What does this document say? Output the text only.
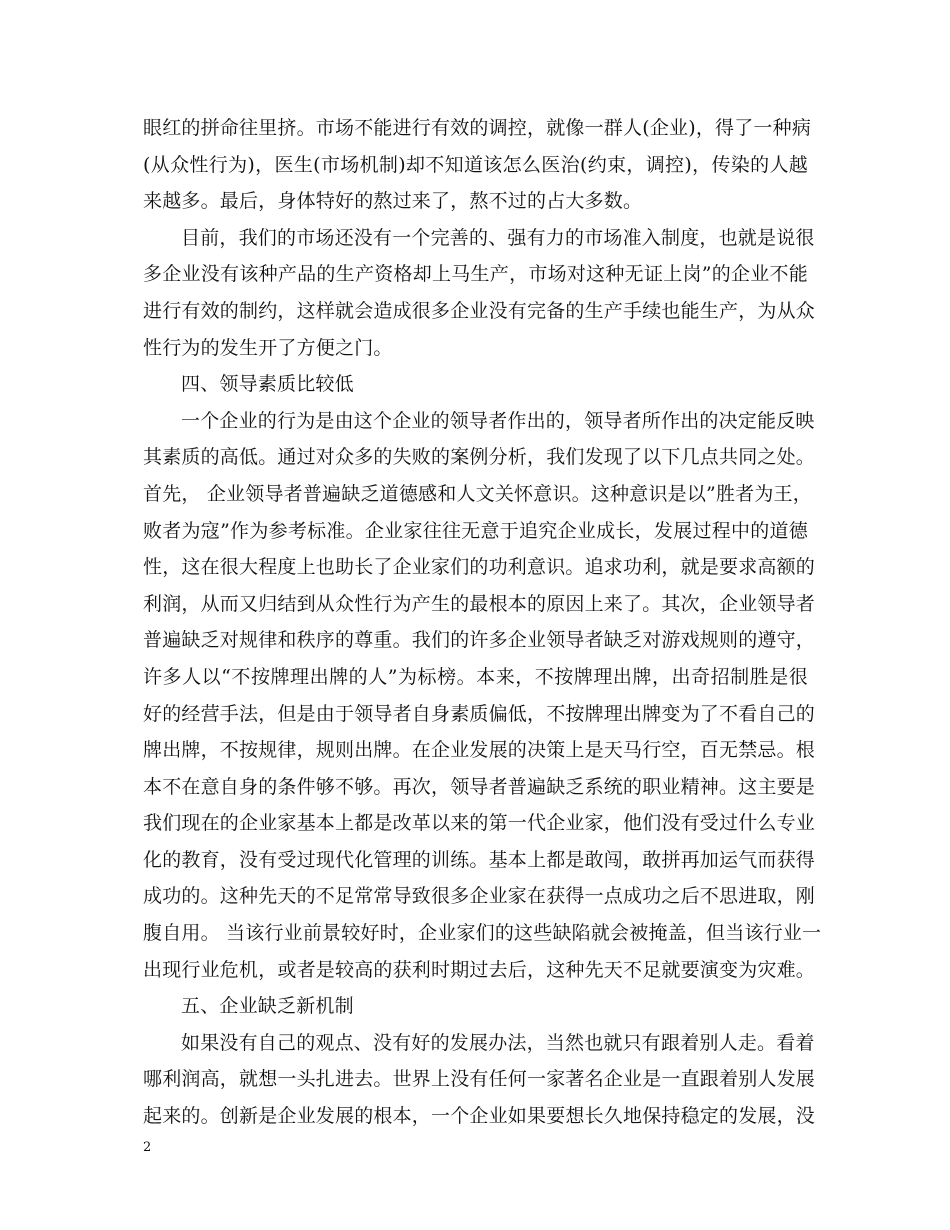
眼红的拼命往里挤。市场不能进行有效的调控，就像一群人(企业)，得了一种病
(从众性行为)，医生(市场机制)却不知道该怎么医治(约束，调控)，传染的人越
来越多。最后，身体特好的熬过来了，熬不过的占大多数。
目前，我们的市场还没有一个完善的、强有力的市场准入制度，也就是说很
多企业没有该种产品的生产资格却上马生产，市场对这种无证上岗”的企业不能
进行有效的制约，这样就会造成很多企业没有完备的生产手续也能生产，为从众
性行为的发生开了方便之门。
四、领导素质比较低
一个企业的行为是由这个企业的领导者作出的，领导者所作出的决定能反映
其素质的高低。通过对众多的失败的案例分析，我们发现了以下几点共同之处。
首先， 企业领导者普遍缺乏道德感和人文关怀意识。这种意识是以”胜者为王，
败者为寇”作为参考标准。企业家往往无意于追究企业成长，发展过程中的道德
性，这在很大程度上也助长了企业家们的功利意识。追求功利，就是要求高额的
利润，从而又归结到从众性行为产生的最根本的原因上来了。其次，企业领导者
普遍缺乏对规律和秩序的尊重。我们的许多企业领导者缺乏对游戏规则的遵守，
许多人以“不按牌理出牌的人”为标榜。本来，不按牌理出牌，出奇招制胜是很
好的经营手法，但是由于领导者自身素质偏低，不按牌理出牌变为了不看自己的
牌出牌，不按规律，规则出牌。在企业发展的决策上是天马行空，百无禁忌。根
本不在意自身的条件够不够。再次，领导者普遍缺乏系统的职业精神。这主要是
我们现在的企业家基本上都是改革以来的第一代企业家，他们没有受过什么专业
化的教育，没有受过现代化管理的训练。基本上都是敢闯，敢拼再加运气而获得
成功的。这种先天的不足常常导致很多企业家在获得一点成功之后不思进取，刚
腹自用。 当该行业前景较好时，企业家们的这些缺陷就会被掩盖，但当该行业一
出现行业危机，或者是较高的获利时期过去后，这种先天不足就要演变为灾难。
五、企业缺乏新机制
如果没有自己的观点、没有好的发展办法，当然也就只有跟着别人走。看着
哪利润高，就想一头扎进去。世界上没有任何一家著名企业是一直跟着别人发展
起来的。创新是企业发展的根本，一个企业如果要想长久地保持稳定的发展，没
2
